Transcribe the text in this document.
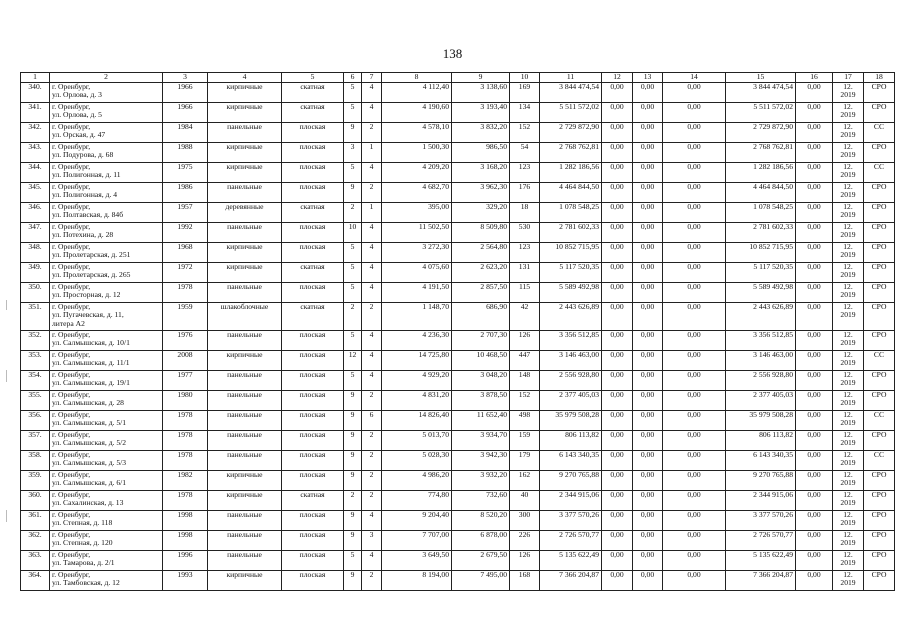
138
1	2	3	4	5	6	7	8	9	10	11	12	13	14	15	16	17	18
340.	г. Оренбург,
ул. Орлова, д. 3	1966	кирпичные	скатная	5	4	4 112,40	3 138,60	169	3 844 474,54	0,00	0,00	0,00	3 844 474,54	0,00	12.
2019	СРО
341.	г. Оренбург,
ул. Орлова, д. 5	1966	кирпичные	скатная	5	4	4 190,60	3 193,40	134	5 511 572,02	0,00	0,00	0,00	5 511 572,02	0,00	12.
2019	СРО
342.	г. Оренбург,
ул. Орская, д. 47	1984	панельные	плоская	9	2	4 578,10	3 832,20	152	2 729 872,90	0,00	0,00	0,00	2 729 872,90	0,00	12.
2019	СС
343.	г. Оренбург,
ул. Подурова, д. 68	1988	кирпичные	плоская	3	1	1 500,30	986,50	54	2 768 762,81	0,00	0,00	0,00	2 768 762,81	0,00	12.
2019	СРО
344.	г. Оренбург,
ул. Полигонная, д. 11	1975	кирпичные	плоская	5	4	4 209,20	3 168,20	123	1 282 186,56	0,00	0,00	0,00	1 282 186,56	0,00	12.
2019	СС
345.	г. Оренбург,
ул. Полигонная, д. 4	1986	панельные	плоская	9	2	4 682,70	3 962,30	176	4 464 844,50	0,00	0,00	0,00	4 464 844,50	0,00	12.
2019	СРО
346.	г. Оренбург,
ул. Полтавская, д. 84б	1957	деревянные	скатная	2	1	395,00	329,20	18	1 078 548,25	0,00	0,00	0,00	1 078 548,25	0,00	12.
2019	СРО
347.	г. Оренбург,
ул. Потехина, д. 28	1992	панельные	плоская	10	4	11 502,50	8 509,80	530	2 781 602,33	0,00	0,00	0,00	2 781 602,33	0,00	12.
2019	СРО
348.	г. Оренбург,
ул. Пролетарская, д. 251	1968	кирпичные	плоская	5	4	3 272,30	2 564,80	123	10 852 715,95	0,00	0,00	0,00	10 852 715,95	0,00	12.
2019	СРО
349.	г. Оренбург,
ул. Пролетарская, д. 265	1972	кирпичные	скатная	5	4	4 075,60	2 623,20	131	5 117 520,35	0,00	0,00	0,00	5 117 520,35	0,00	12.
2019	СРО
350.	г. Оренбург,
ул. Просторная, д. 12	1978	панельные	плоская	5	4	4 191,50	2 857,50	115	5 589 492,98	0,00	0,00	0,00	5 589 492,98	0,00	12.
2019	СРО
351.	г. Оренбург,
ул. Пугачевская, д. 11,
литера А2	1959	шлакоблочные	скатная	2	2	1 148,70	686,90	42	2 443 626,89	0,00	0,00	0,00	2 443 626,89	0,00	12.
2019	СРО
352.	г. Оренбург,
ул. Салмышская, д. 10/1	1976	панельные	плоская	5	4	4 236,30	2 707,30	126	3 356 512,85	0,00	0,00	0,00	3 356 512,85	0,00	12.
2019	СРО
353.	г. Оренбург,
ул. Салмышская, д. 11/1	2008	кирпичные	плоская	12	4	14 725,80	10 468,50	447	3 146 463,00	0,00	0,00	0,00	3 146 463,00	0,00	12.
2019	СС
354.	г. Оренбург,
ул. Салмышская, д. 19/1	1977	панельные	плоская	5	4	4 929,20	3 048,20	148	2 556 928,80	0,00	0,00	0,00	2 556 928,80	0,00	12.
2019	СРО
355.	г. Оренбург,
ул. Салмышская, д. 28	1980	панельные	плоская	9	2	4 831,20	3 878,50	152	2 377 405,03	0,00	0,00	0,00	2 377 405,03	0,00	12.
2019	СРО
356.	г. Оренбург,
ул. Салмышская, д. 5/1	1978	панельные	плоская	9	6	14 826,40	11 652,40	498	35 979 508,28	0,00	0,00	0,00	35 979 508,28	0,00	12.
2019	СС
357.	г. Оренбург,
ул. Салмышская, д. 5/2	1978	панельные	плоская	9	2	5 013,70	3 934,70	159	806 113,82	0,00	0,00	0,00	806 113,82	0,00	12.
2019	СРО
358.	г. Оренбург,
ул. Салмышская, д. 5/3	1978	панельные	плоская	9	2	5 028,30	3 942,30	179	6 143 340,35	0,00	0,00	0,00	6 143 340,35	0,00	12.
2019	СС
359.	г. Оренбург,
ул. Салмышская, д. 6/1	1982	кирпичные	плоская	9	2	4 986,20	3 932,20	162	9 270 765,88	0,00	0,00	0,00	9 270 765,88	0,00	12.
2019	СРО
360.	г. Оренбург,
ул. Сахалинская, д. 13	1978	кирпичные	скатная	2	2	774,80	732,60	40	2 344 915,06	0,00	0,00	0,00	2 344 915,06	0,00	12.
2019	СРО
361.	г. Оренбург,
ул. Степная, д. 118	1998	панельные	плоская	9	4	9 204,40	8 520,20	300	3 377 570,26	0,00	0,00	0,00	3 377 570,26	0,00	12.
2019	СРО
362.	г. Оренбург,
ул. Степная, д. 120	1998	панельные	плоская	9	3	7 707,00	6 878,00	226	2 726 570,77	0,00	0,00	0,00	2 726 570,77	0,00	12.
2019	СРО
363.	г. Оренбург,
ул. Тамарова, д. 2/1	1996	панельные	плоская	5	4	3 649,50	2 679,50	126	5 135 622,49	0,00	0,00	0,00	5 135 622,49	0,00	12.
2019	СРО
364.	г. Оренбург,
ул. Тамбовская, д. 12	1993	кирпичные	плоская	9	2	8 194,00	7 495,00	168	7 366 204,87	0,00	0,00	0,00	7 366 204,87	0,00	12.
2019	СРО
